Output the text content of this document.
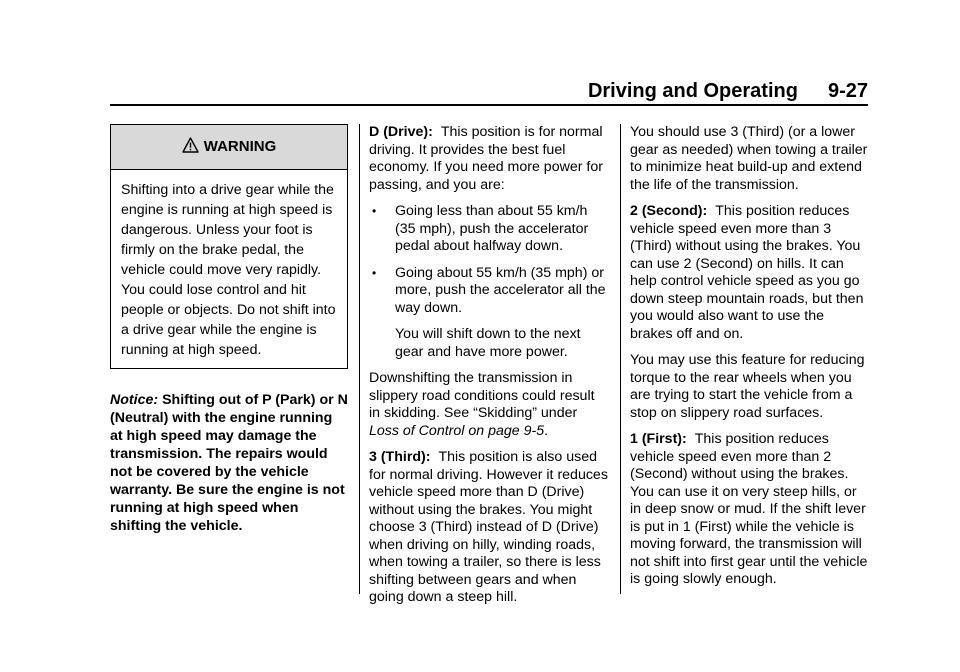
Driving and Operating 9-27
WARNING
Shifting into a drive gear while the engine is running at high speed is dangerous. Unless your foot is firmly on the brake pedal, the vehicle could move very rapidly. You could lose control and hit people or objects. Do not shift into a drive gear while the engine is running at high speed.
Notice: Shifting out of P (Park) or N (Neutral) with the engine running at high speed may damage the transmission. The repairs would not be covered by the vehicle warranty. Be sure the engine is not running at high speed when shifting the vehicle.

D (Drive): This position is for normal driving. It provides the best fuel economy. If you need more power for passing, and you are:

• Going less than about 55 km/h (35 mph), push the accelerator pedal about halfway down.
• Going about 55 km/h (35 mph) or more, push the accelerator all the way down.

You will shift down to the next gear and have more power.

Downshifting the transmission in slippery road conditions could result in skidding. See “Skidding” under Loss of Control on page 9-5.

3 (Third): This position is also used for normal driving. However it reduces vehicle speed more than D (Drive) without using the brakes. You might choose 3 (Third) instead of D (Drive) when driving on hilly, winding roads, when towing a trailer, so there is less shifting between gears and when going down a steep hill.

You should use 3 (Third) (or a lower gear as needed) when towing a trailer to minimize heat build-up and extend the life of the transmission.

2 (Second): This position reduces vehicle speed even more than 3 (Third) without using the brakes. You can use 2 (Second) on hills. It can help control vehicle speed as you go down steep mountain roads, but then you would also want to use the brakes off and on.

You may use this feature for reducing torque to the rear wheels when you are trying to start the vehicle from a stop on slippery road surfaces.

1 (First): This position reduces vehicle speed even more than 2 (Second) without using the brakes. You can use it on very steep hills, or in deep snow or mud. If the shift lever is put in 1 (First) while the vehicle is moving forward, the transmission will not shift into first gear until the vehicle is going slowly enough.
